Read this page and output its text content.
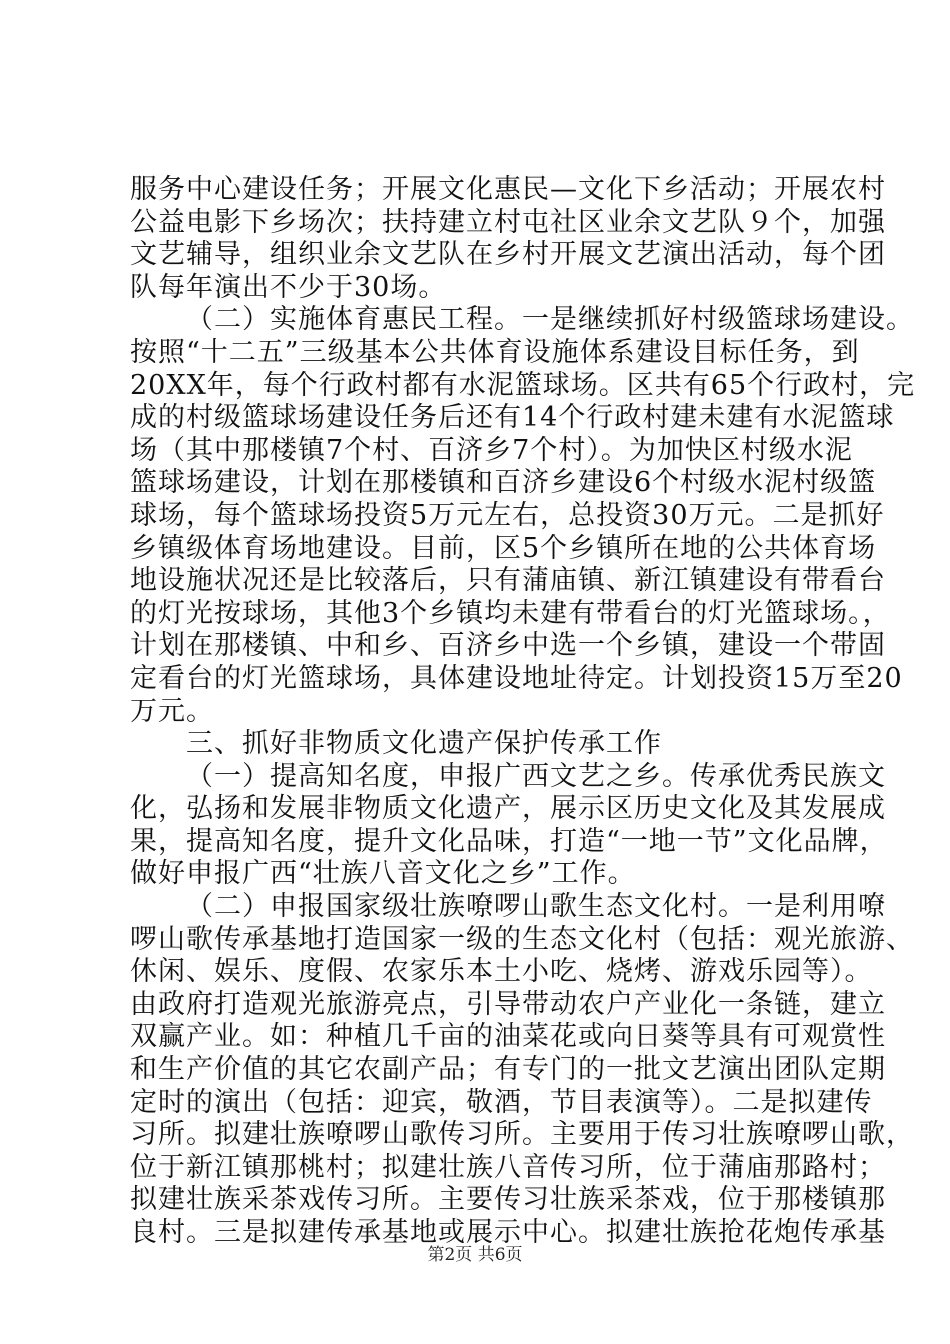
服务中心建设任务；开展文化惠民—文化下乡活动；开展农村
公益电影下乡场次；扶持建立村屯社区业余文艺队９个，加强
文艺辅导，组织业余文艺队在乡村开展文艺演出活动，每个团
队每年演出不少于30场。
（二）实施体育惠民工程。一是继续抓好村级篮球场建设。
按照“十二五”三级基本公共体育设施体系建设目标任务，到
20XX年，每个行政村都有水泥篮球场。区共有65个行政村，完
成的村级篮球场建设任务后还有14个行政村建未建有水泥篮球
场（其中那楼镇7个村、百济乡7个村）。为加快区村级水泥
篮球场建设，计划在那楼镇和百济乡建设6个村级水泥村级篮
球场，每个篮球场投资5万元左右，总投资30万元。二是抓好
乡镇级体育场地建设。目前，区5个乡镇所在地的公共体育场
地设施状况还是比较落后，只有蒲庙镇、新江镇建设有带看台
的灯光按球场，其他3个乡镇均未建有带看台的灯光篮球场。，
计划在那楼镇、中和乡、百济乡中选一个乡镇，建设一个带固
定看台的灯光篮球场，具体建设地址待定。计划投资15万至20
万元。
三、抓好非物质文化遗产保护传承工作
（一）提高知名度，申报广西文艺之乡。传承优秀民族文
化，弘扬和发展非物质文化遗产，展示区历史文化及其发展成
果，提高知名度，提升文化品味，打造“一地一节”文化品牌，
做好申报广西“壮族八音文化之乡”工作。
（二）申报国家级壮族嘹啰山歌生态文化村。一是利用嘹
啰山歌传承基地打造国家一级的生态文化村（包括：观光旅游、
休闲、娱乐、度假、农家乐本土小吃、烧烤、游戏乐园等）。
由政府打造观光旅游亮点，引导带动农户产业化一条链，建立
双赢产业。如：种植几千亩的油菜花或向日葵等具有可观赏性
和生产价值的其它农副产品；有专门的一批文艺演出团队定期
定时的演出（包括：迎宾，敬酒，节目表演等）。二是拟建传
习所。拟建壮族嘹啰山歌传习所。主要用于传习壮族嘹啰山歌，
位于新江镇那桃村；拟建壮族八音传习所，位于蒲庙那路村；
拟建壮族采茶戏传习所。主要传习壮族采茶戏，位于那楼镇那
良村。三是拟建传承基地或展示中心。拟建壮族抢花炮传承基
第2页 共6页
